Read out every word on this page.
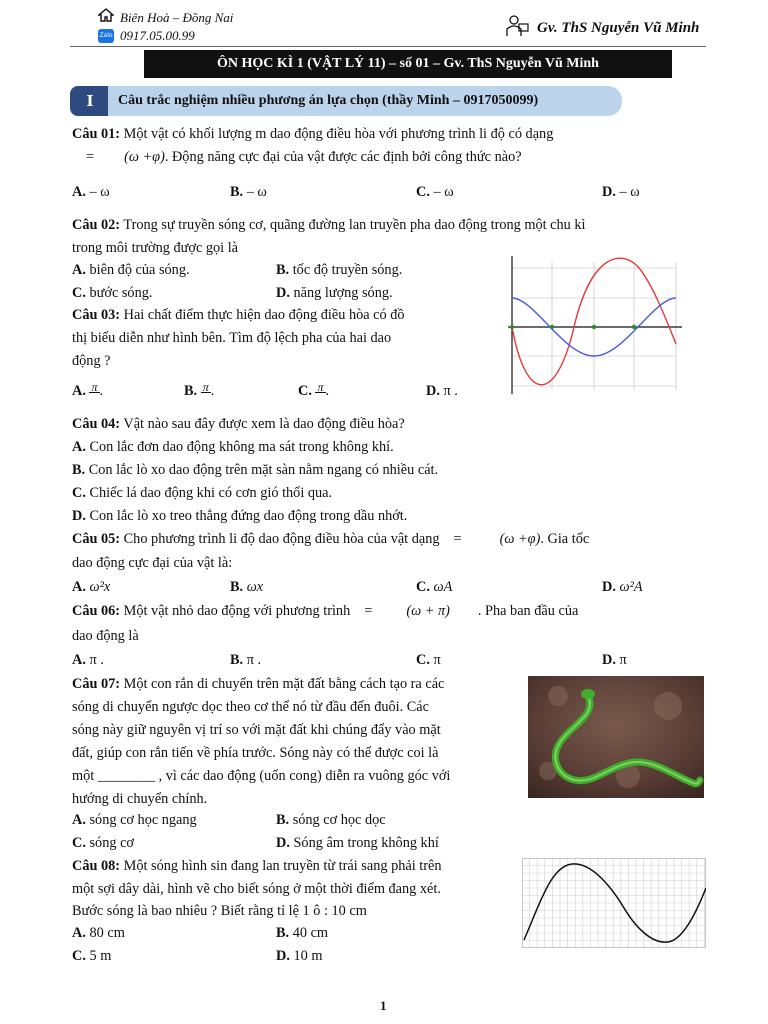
Biên Hoà – Đồng Nai
Zalo 0917.05.00.99	Gv. ThS Nguyễn Vũ Minh
ÔN HỌC KÌ 1 (VẬT LÝ 11) – số 01 – Gv. ThS Nguyễn Vũ Minh
I	Câu trắc nghiệm nhiều phương án lựa chọn (thầy Minh – 0917050099)
Câu 01: Một vật có khối lượng m dao động điều hòa với phương trình li độ có dạng
= (ω +φ). Động năng cực đại của vật được các định bởi công thức nào?
A. – ω	B. – ω	C. – ω	D. – ω
Câu 02: Trong sự truyền sóng cơ, quãng đường lan truyền pha dao động trong một chu kì
trong môi trường được gọi là
A. biên độ của sóng.	B. tốc độ truyền sóng.
C. bước sóng.	D. năng lượng sóng.
Câu 03: Hai chất điểm thực hiện dao động điều hòa có đồ
thị biểu diễn như hình bên. Tìm độ lệch pha của hai dao
động ?
A. π .	B. π .	C. π .	D. π .
Câu 04: Vật nào sau đây được xem là dao động điều hòa?
A. Con lắc đơn dao động không ma sát trong không khí.
B. Con lắc lò xo dao động trên mặt sàn nằm ngang có nhiều cát.
C. Chiếc lá dao động khi có cơn gió thổi qua.
D. Con lắc lò xo treo thẳng đứng dao động trong dầu nhớt.
Câu 05: Cho phương trình li độ dao động điều hòa của vật dạng =	(ω +φ). Gia tốc
dao động cực đại của vật là:
A. ω²x	B. ωx	C. ωA	D. ω²A
Câu 06: Một vật nhỏ dao động với phương trình = (ω + π) . Pha ban đầu của
dao động là
A. π .	B. π .	C. π	D. π
Câu 07: Một con rắn di chuyển trên mặt đất bằng cách tạo ra các
sóng di chuyển ngược dọc theo cơ thể nó từ đầu đến đuôi. Các
sóng này giữ nguyên vị trí so với mặt đất khi chúng đẩy vào mặt
đất, giúp con rắn tiến về phía trước. Sóng này có thể được coi là
một ________ , vì các dao động (uốn cong) diễn ra vuông góc với
hướng di chuyển chính.
A. sóng cơ học ngang	B. sóng cơ học dọc
C. sóng cơ	D. Sóng âm trong không khí
Câu 08: Một sóng hình sin đang lan truyền từ trái sang phải trên
một sợi dây dài, hình vẽ cho biết sóng ở một thời điểm đang xét.
Bước sóng là bao nhiêu ? Biết rằng tỉ lệ 1 ô : 10 cm
A. 80 cm	B. 40 cm
C. 5 m	D. 10 m
1
